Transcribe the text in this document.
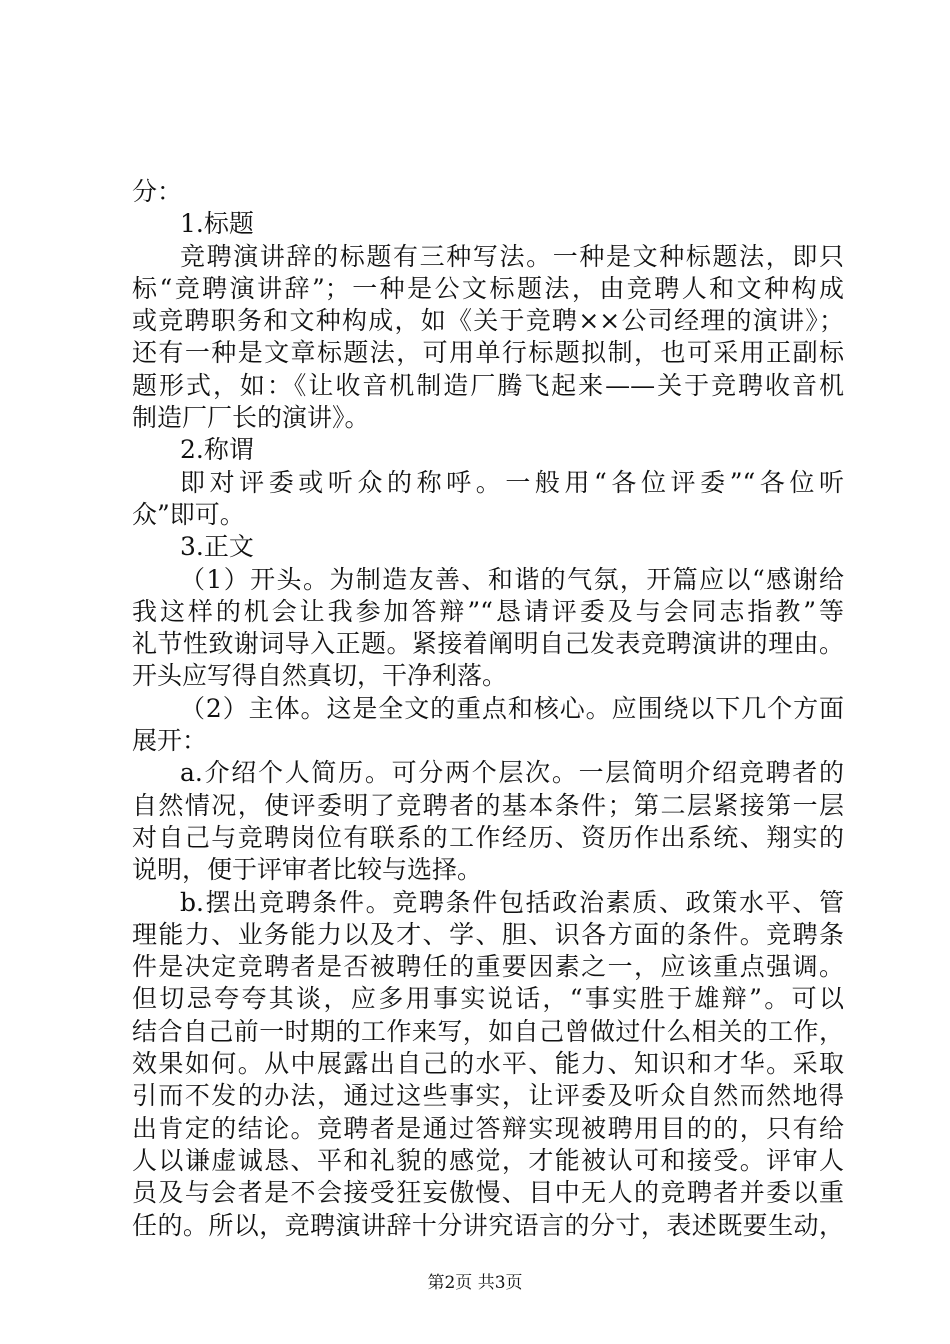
分：
1.标题
竞聘演讲辞的标题有三种写法。一种是文种标题法，即只
标“竞聘演讲辞”；一种是公文标题法，由竞聘人和文种构成
或竞聘职务和文种构成，如《关于竞聘××公司经理的演讲》；
还有一种是文章标题法，可用单行标题拟制，也可采用正副标
题形式，如：《让收音机制造厂腾飞起来——关于竞聘收音机
制造厂厂长的演讲》。
2.称谓
即对评委或听众的称呼。一般用“各位评委”“各位听
众”即可。
3.正文
（1）开头。为制造友善、和谐的气氛，开篇应以“感谢给
我这样的机会让我参加答辩”“恳请评委及与会同志指教”等
礼节性致谢词导入正题。紧接着阐明自己发表竞聘演讲的理由。
开头应写得自然真切，干净利落。
（2）主体。这是全文的重点和核心。应围绕以下几个方面
展开：
a.介绍个人简历。可分两个层次。一层简明介绍竞聘者的
自然情况，使评委明了竞聘者的基本条件；第二层紧接第一层
对自己与竞聘岗位有联系的工作经历、资历作出系统、翔实的
说明，便于评审者比较与选择。
b.摆出竞聘条件。竞聘条件包括政治素质、政策水平、管
理能力、业务能力以及才、学、胆、识各方面的条件。竞聘条
件是决定竞聘者是否被聘任的重要因素之一，应该重点强调。
但切忌夸夸其谈，应多用事实说话，“事实胜于雄辩”。可以
结合自己前一时期的工作来写，如自己曾做过什么相关的工作，
效果如何。从中展露出自己的水平、能力、知识和才华。采取
引而不发的办法，通过这些事实，让评委及听众自然而然地得
出肯定的结论。竞聘者是通过答辩实现被聘用目的的，只有给
人以谦虚诚恳、平和礼貌的感觉，才能被认可和接受。评审人
员及与会者是不会接受狂妄傲慢、目中无人的竞聘者并委以重
任的。所以，竞聘演讲辞十分讲究语言的分寸，表述既要生动，
第2页 共3页
